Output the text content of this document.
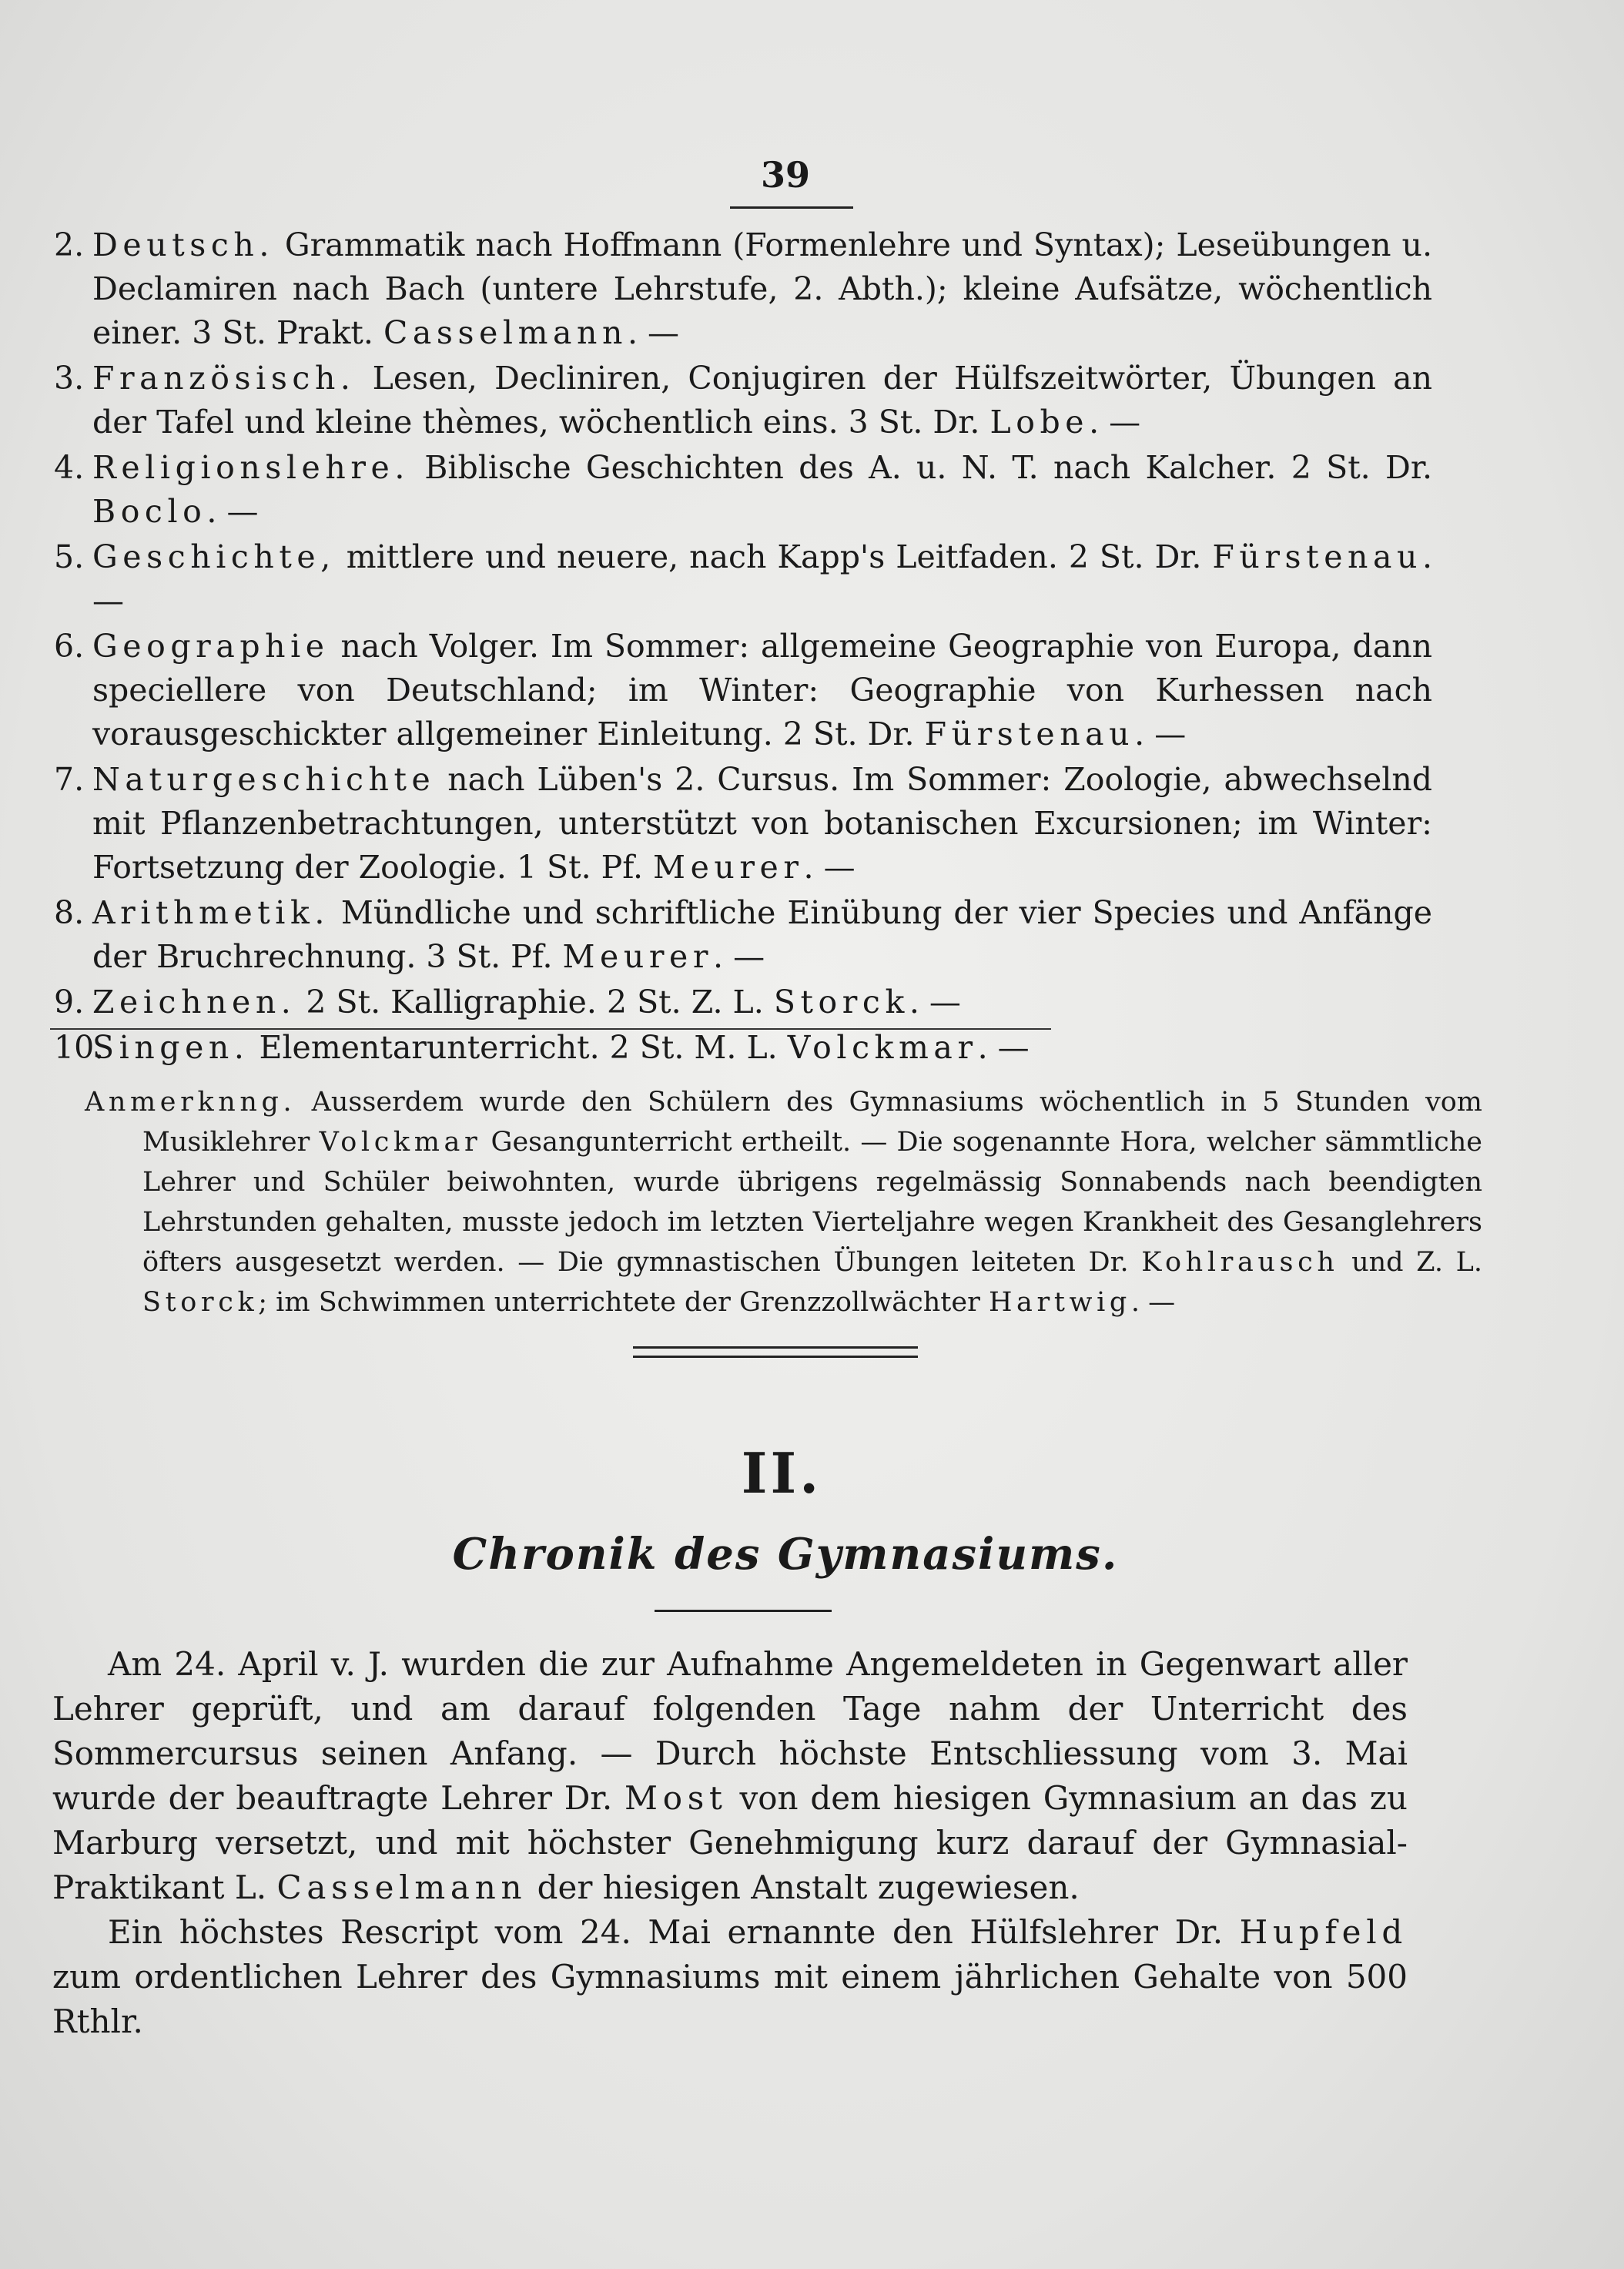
39

2. Deutsch. Grammatik nach Hoffmann (Formenlehre und Syntax); Leseübungen u. Declamiren nach Bach (untere Lehrstufe, 2. Abth.); kleine Aufsätze, wöchentlich einer. 3 St. Prakt. Casselmann. —

3. Französisch. Lesen, Decliniren, Conjugiren der Hülfszeitwörter, Übungen an der Tafel und kleine thèmes, wöchentlich eins. 3 St. Dr. Lobe. —

4. Religionslehre. Biblische Geschichten des A. u. N. T. nach Kalcher. 2 St. Dr. Boclo. —

5. Geschichte, mittlere und neuere, nach Kapp's Leitfaden. 2 St. Dr. Fürstenau. —

6. Geographie nach Volger. Im Sommer: allgemeine Geographie von Europa, dann speciellere von Deutschland; im Winter: Geographie von Kurhessen nach vorausgeschickter allgemeiner Einleitung. 2 St. Dr. Fürstenau. —

7. Naturgeschichte nach Lüben's 2. Cursus. Im Sommer: Zoologie, abwechselnd mit Pflanzenbetrachtungen, unterstützt von botanischen Excursionen; im Winter: Fortsetzung der Zoologie. 1 St. Pf. Meurer. —

8. Arithmetik. Mündliche und schriftliche Einübung der vier Species und Anfänge der Bruchrechnung. 3 St. Pf. Meurer. —

9. Zeichnen. 2 St. Kalligraphie. 2 St. Z. L. Storck. —

10.Singen. Elementarunterricht. 2 St. M. L. Volckmar. —

Anmerknng. Ausserdem wurde den Schülern des Gymnasiums wöchentlich in 5 Stunden vom Musiklehrer Volckmar Gesangunterricht ertheilt. — Die sogenannte Hora, welcher sämmtliche Lehrer und Schüler beiwohnten, wurde übrigens regelmässig Sonnabends nach beendigten Lehrstunden gehalten, musste jedoch im letzten Vierteljahre wegen Krankheit des Gesanglehrers öfters ausgesetzt werden. — Die gymnastischen Übungen leiteten Dr. Kohlrausch und Z. L. Storck; im Schwimmen unterrichtete der Grenzzollwächter Hartwig. —

II.
Chronik des Gymnasiums.

Am 24. April v. J. wurden die zur Aufnahme Angemeldeten in Gegenwart aller Lehrer geprüft, und am darauf folgenden Tage nahm der Unterricht des Sommercursus seinen Anfang. — Durch höchste Entschliessung vom 3. Mai wurde der beauftragte Lehrer Dr. Most von dem hiesigen Gymnasium an das zu Marburg versetzt, und mit höchster Genehmigung kurz darauf der Gymnasial-Praktikant L. Casselmann der hiesigen Anstalt zugewiesen.

Ein höchstes Rescript vom 24. Mai ernannte den Hülfslehrer Dr. Hupfeld zum ordentlichen Lehrer des Gymnasiums mit einem jährlichen Gehalte von 500 Rthlr.
